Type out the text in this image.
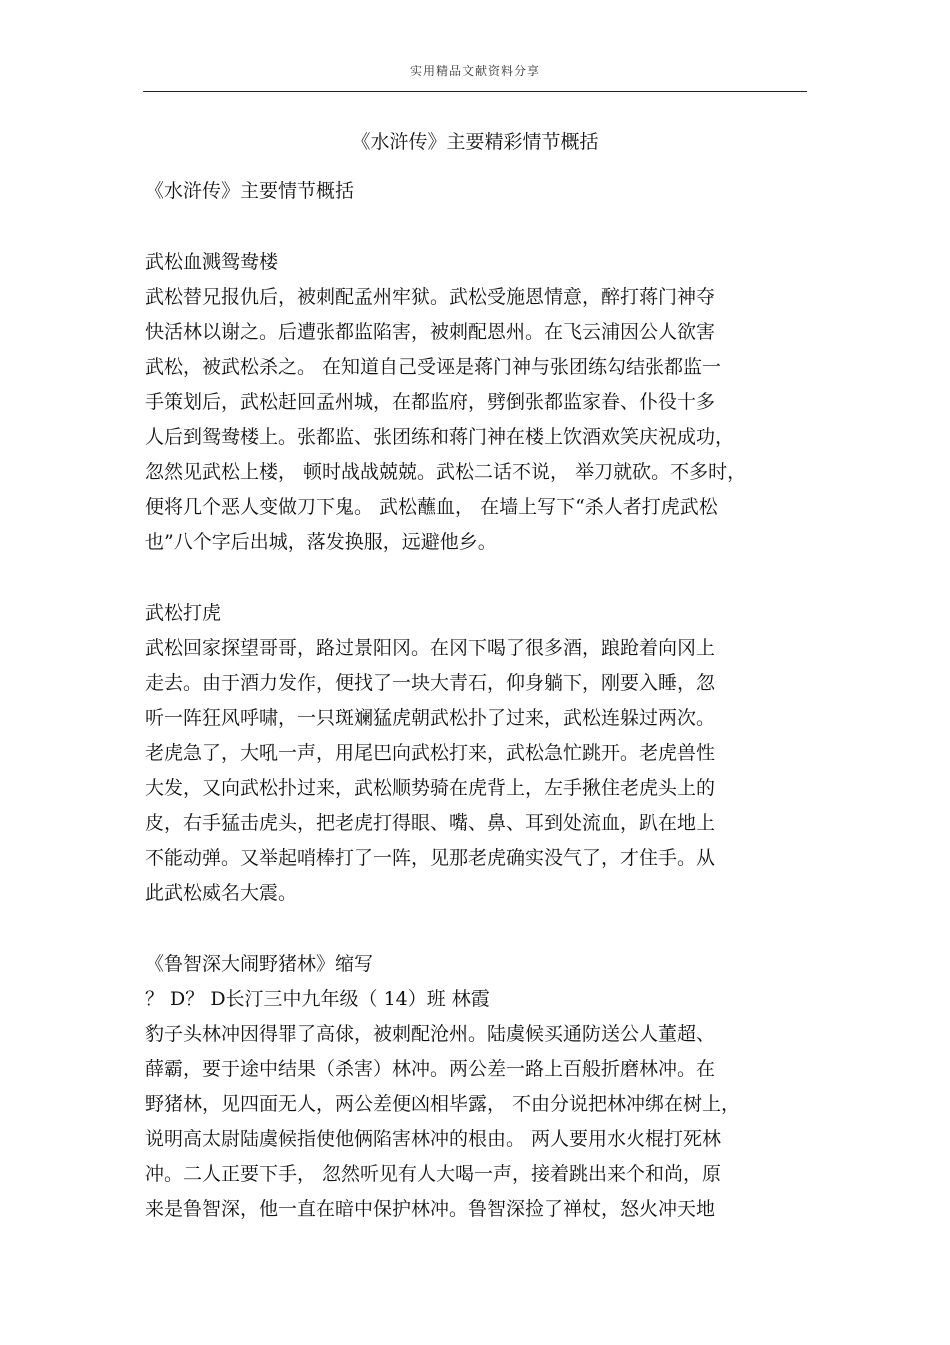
实用精品文献资料分享
《水浒传》主要精彩情节概括
《水浒传》主要情节概括
武松血溅鸳鸯楼
武松替兄报仇后，被刺配孟州牢狱。武松受施恩情意，醉打蒋门神夺
快活林以谢之。后遭张都监陷害，被刺配恩州。在飞云浦因公人欲害
武松，被武松杀之。 在知道自己受诬是蒋门神与张团练勾结张都监一
手策划后，武松赶回孟州城，在都监府，劈倒张都监家眷、仆役十多
人后到鸳鸯楼上。张都监、张团练和蒋门神在楼上饮酒欢笑庆祝成功，
忽然见武松上楼， 顿时战战兢兢。武松二话不说， 举刀就砍。不多时，
便将几个恶人变做刀下鬼。 武松蘸血， 在墙上写下“杀人者打虎武松
也”八个字后出城，落发换服，远避他乡。
武松打虎
武松回家探望哥哥，路过景阳冈。在冈下喝了很多酒，踉跄着向冈上
走去。由于酒力发作，便找了一块大青石，仰身躺下，刚要入睡，忽
听一阵狂风呼啸，一只斑斓猛虎朝武松扑了过来，武松连躲过两次。
老虎急了，大吼一声，用尾巴向武松打来，武松急忙跳开。老虎兽性
大发，又向武松扑过来，武松顺势骑在虎背上，左手揪住老虎头上的
皮，右手猛击虎头，把老虎打得眼、嘴、鼻、耳到处流血，趴在地上
不能动弹。又举起哨棒打了一阵，见那老虎确实没气了，才住手。从
此武松威名大震。
《鲁智深大闹野猪林》缩写
？ D？ D长汀三中九年级（ 14）班 林霞
豹子头林冲因得罪了高俅，被刺配沧州。陆虞候买通防送公人董超、
薛霸，要于途中结果（杀害）林冲。两公差一路上百般折磨林冲。在
野猪林，见四面无人，两公差便凶相毕露， 不由分说把林冲绑在树上，
说明高太尉陆虞候指使他俩陷害林冲的根由。 两人要用水火棍打死林
冲。二人正要下手， 忽然听见有人大喝一声，接着跳出来个和尚，原
来是鲁智深，他一直在暗中保护林冲。鲁智深捡了禅杖，怒火冲天地
